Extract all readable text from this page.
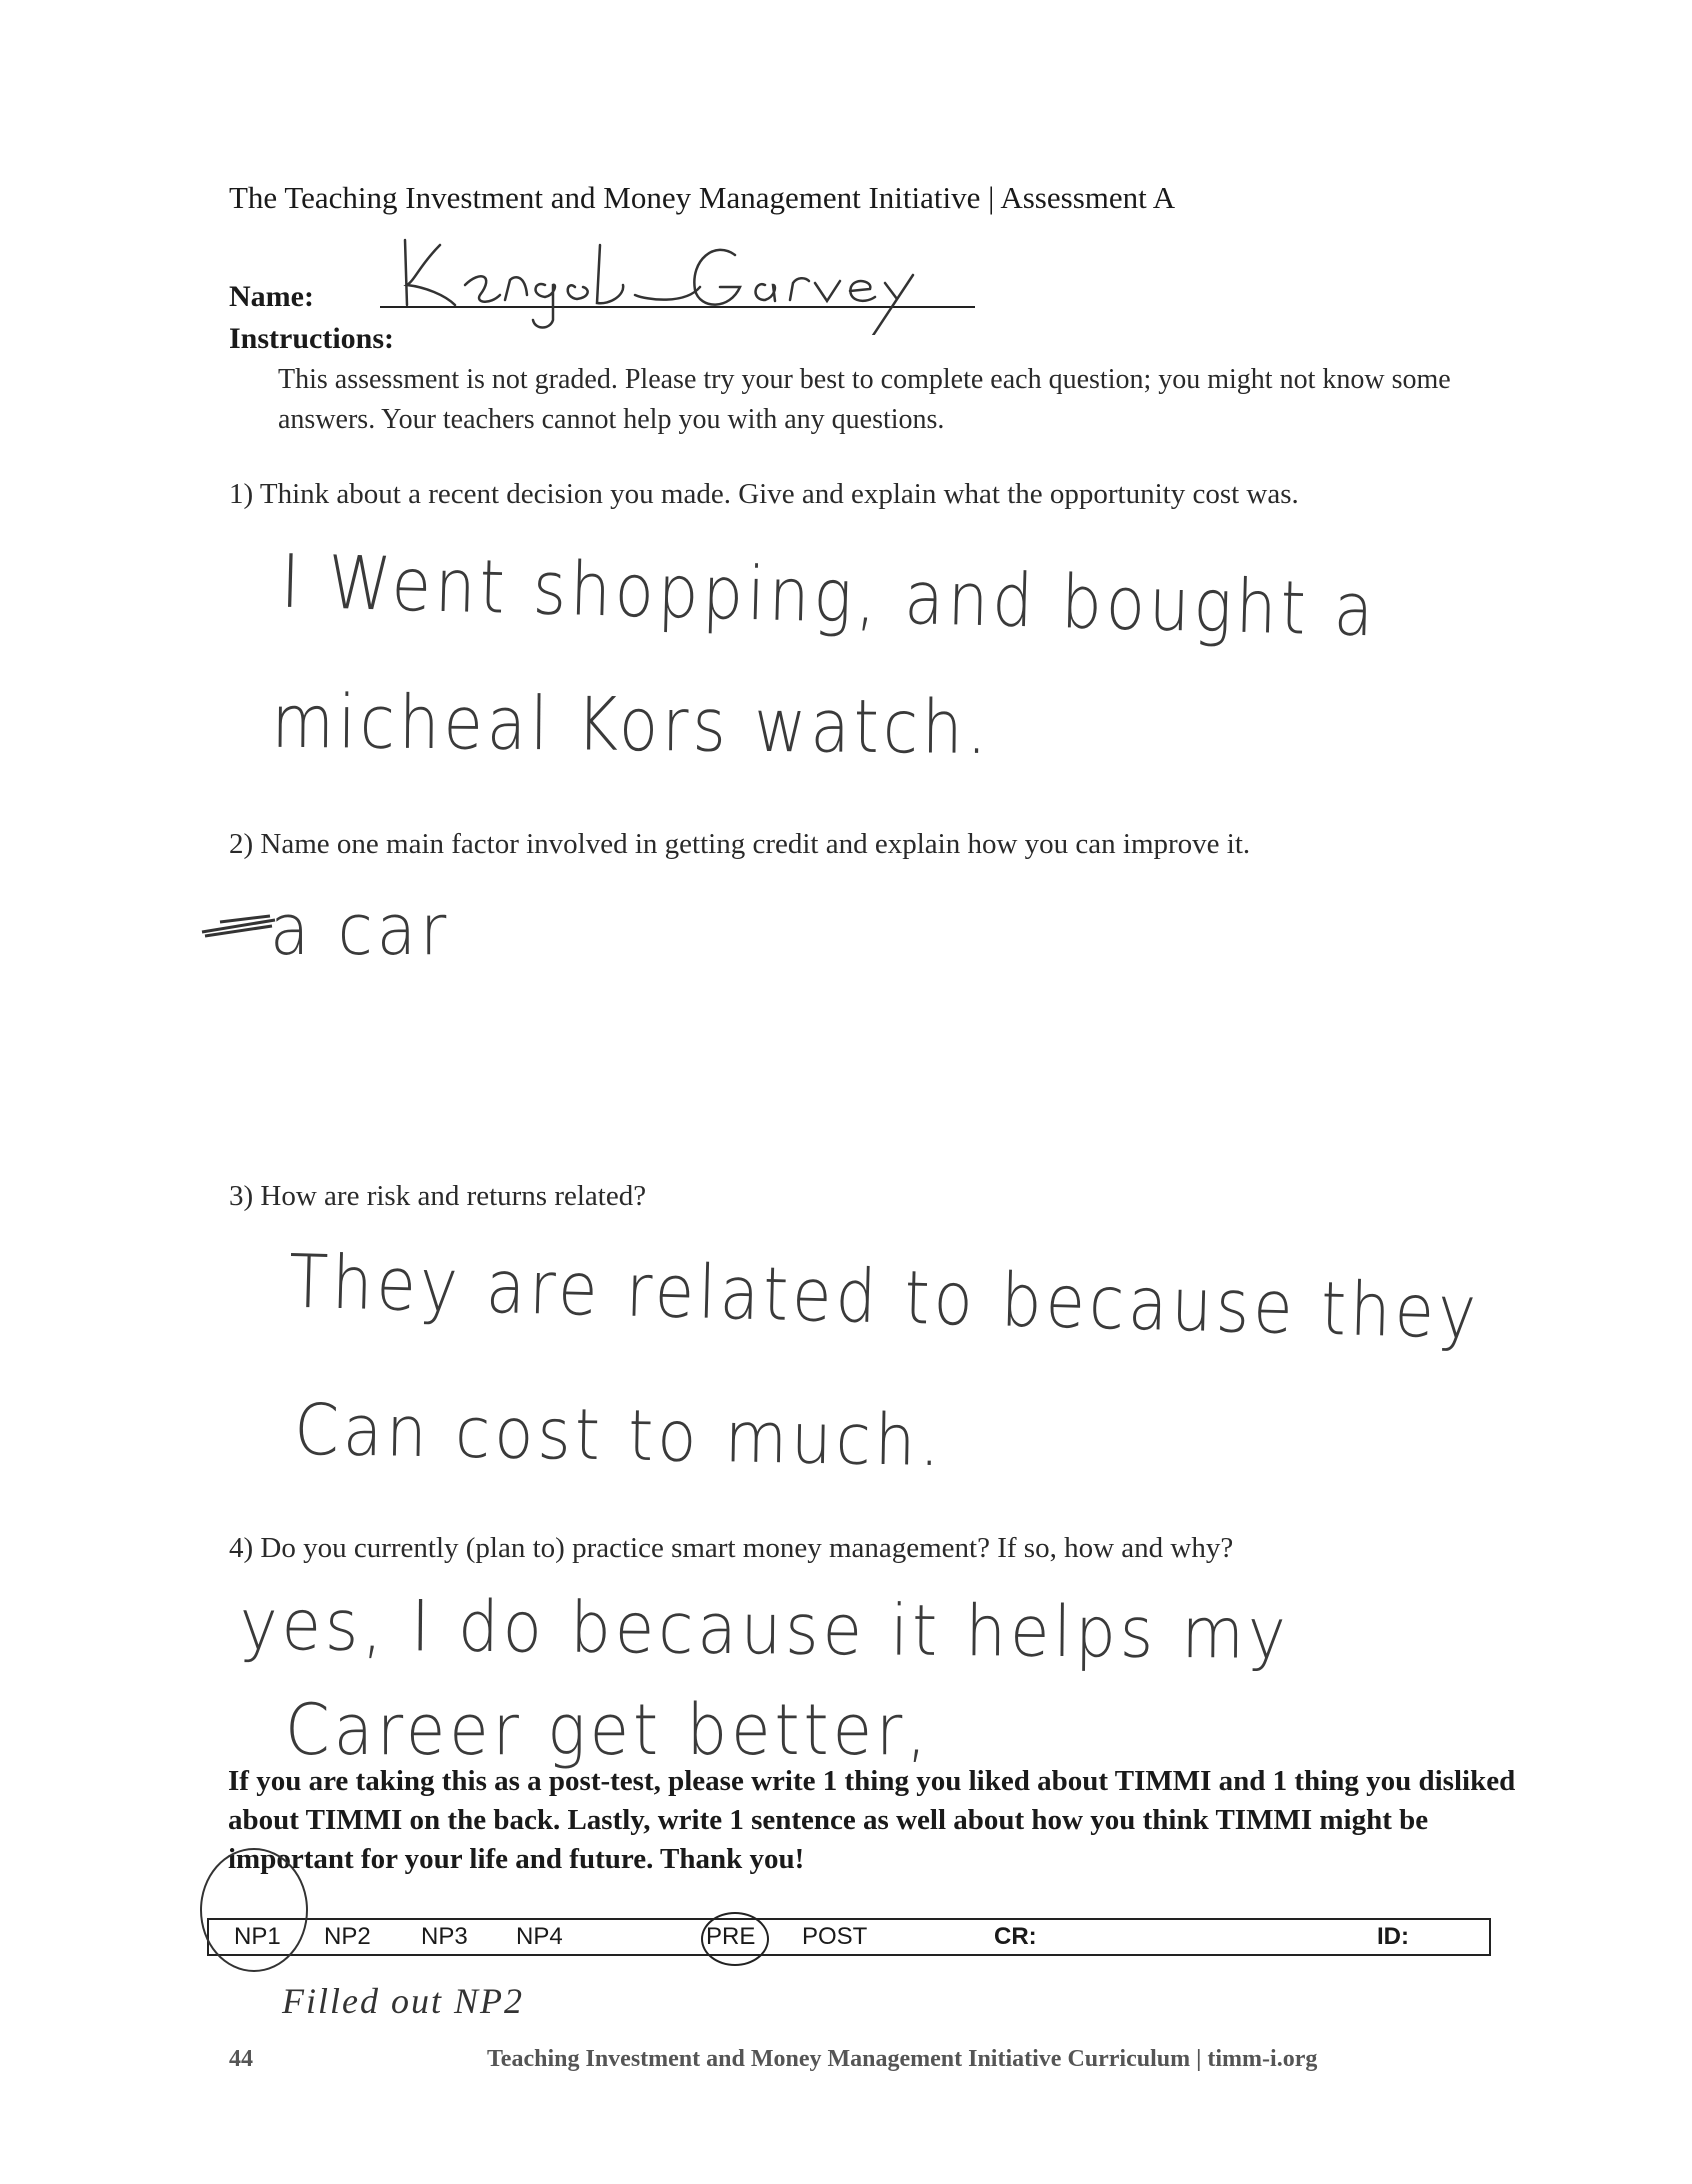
The Teaching Investment and Money Management Initiative | Assessment A
Name:
Instructions:
This assessment is not graded. Please try your best to complete each question; you might not know some answers. Your teachers cannot help you with any questions.
1) Think about a recent decision you made. Give and explain what the opportunity cost was.
I Went shopping, and bought a
micheal Kors watch.
2) Name one main factor involved in getting credit and explain how you can improve it.
a car
3) How are risk and returns related?
They are related to because they
Can cost to much.
4) Do you currently (plan to) practice smart money management? If so, how and why?
yes, I do because it helps my
Career get better,
If you are taking this as a post-test, please write 1 thing you liked about TIMMI and 1 thing you disliked about TIMMI on the back. Lastly, write 1 sentence as well about how you think TIMMI might be important for your life and future. Thank you!
NP1 NP2 NP3 NP4	PRE POST	CR:	ID:
Filled out NP2
44	Teaching Investment and Money Management Initiative Curriculum | timm-i.org
